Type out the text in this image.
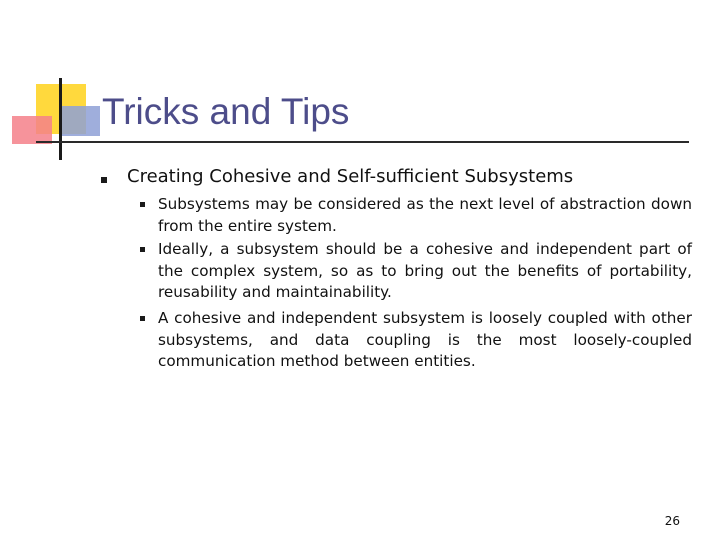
Tricks and Tips
Creating Cohesive and Self-sufficient Subsystems
Subsystems may be considered as the next level of abstraction down from the entire system.
Ideally, a subsystem should be a cohesive and independent part of the complex system, so as to bring out the benefits of portability, reusability and maintainability.
A cohesive and independent subsystem is loosely coupled with other subsystems, and data coupling is the most loosely-coupled communication method between entities.
26
